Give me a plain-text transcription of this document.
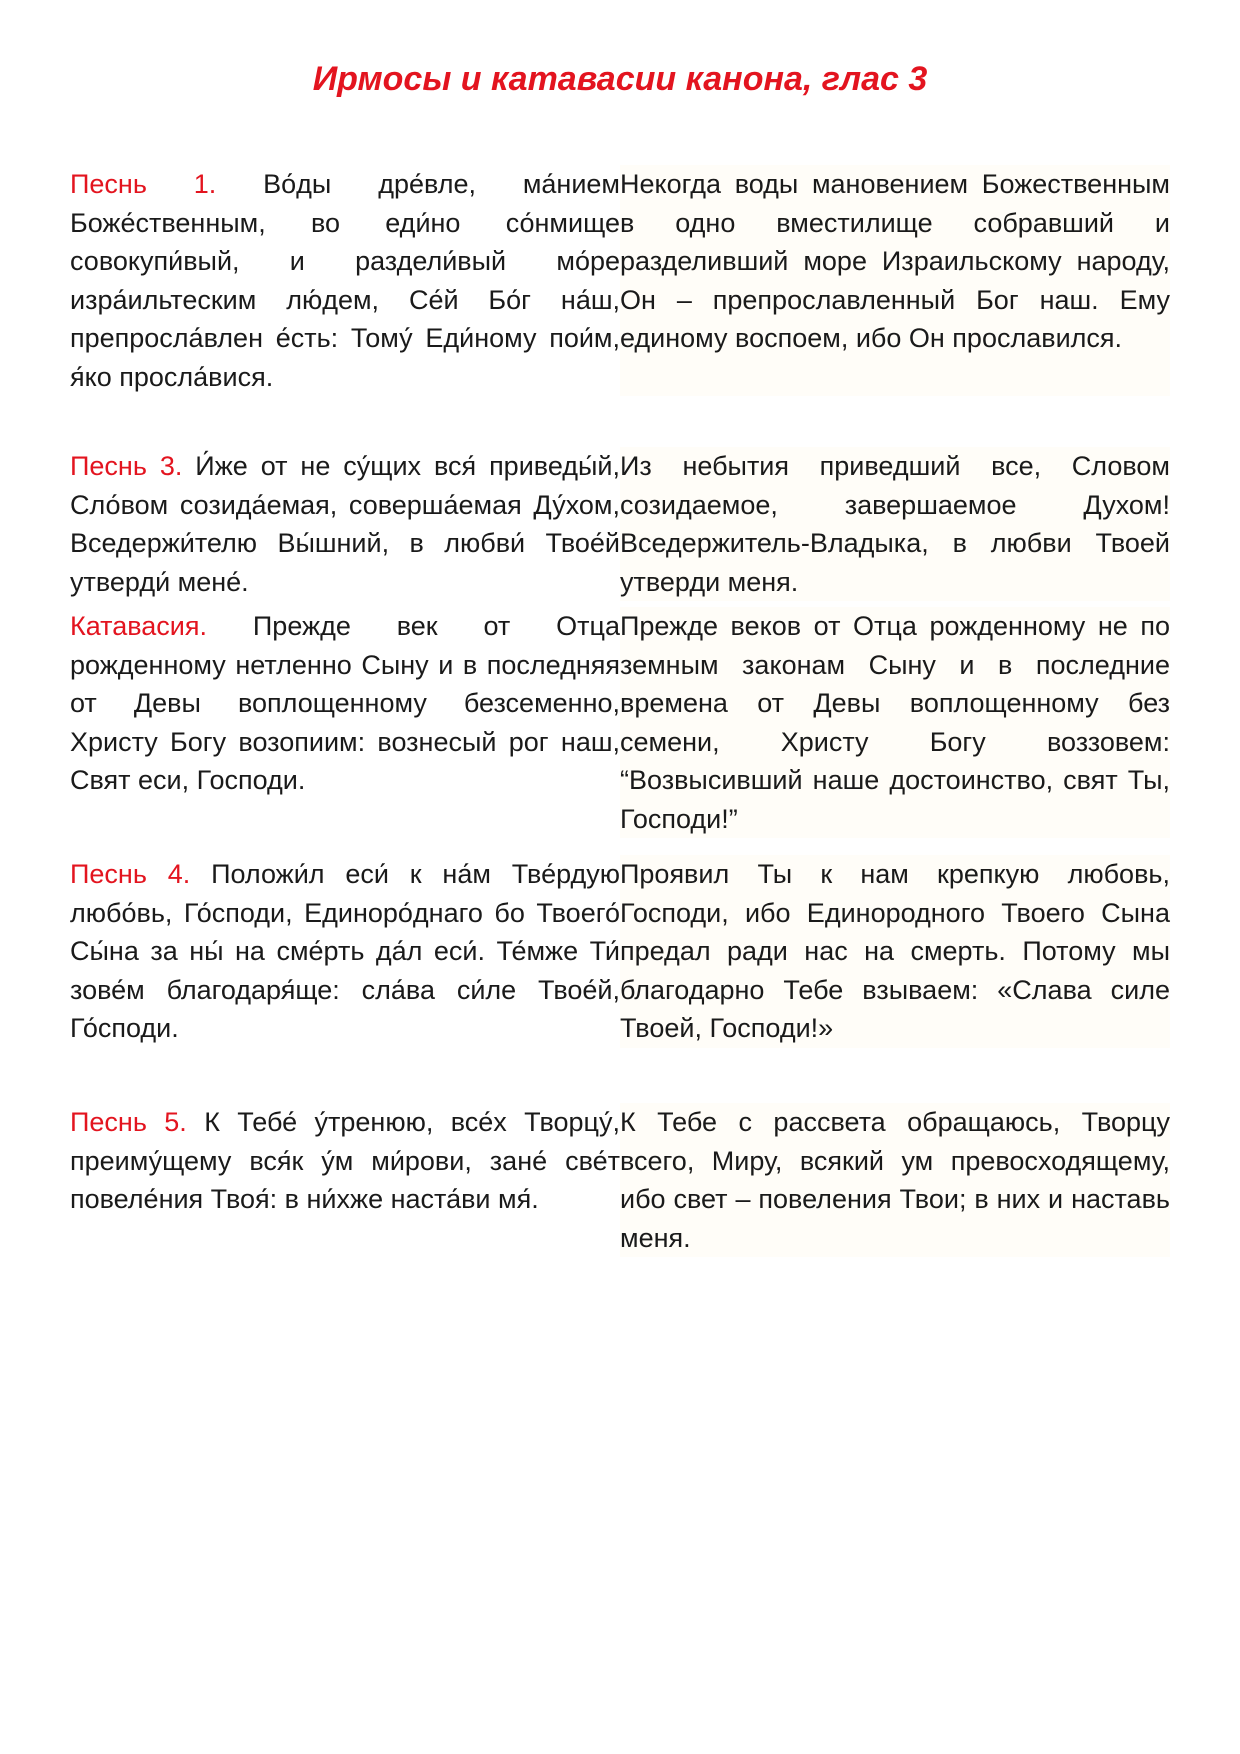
Ирмосы и катавасии канона, глас 3

Песнь 1. Во́ды дре́вле, ма́нием Боже́ственным, во еди́но со́нмище совокупи́вый, и раздели́вый мо́ре изра́ильтеским лю́дем, Се́й Бо́г на́ш, препросла́влен е́сть: Тому́ Еди́ному пои́м, я́ко просла́вися.

Некогда воды мановением Божественным в одно вместилище собравший и разделивший море Израильскому народу, Он – препрославленный Бог наш. Ему единому воспоем, ибо Он прославился.

Песнь 3. И́же от не су́щих вся́ приведы́й, Сло́вом созида́емая, соверша́емая Ду́хом, Вседержи́телю Вы́шний, в любви́ Твое́й утверди́ мене́.

Из небытия приведший все, Словом созидаемое, завершаемое Духом! Вседержитель-Владыка, в любви Твоей утверди меня.

Катавасия. Прежде век от Отца рожденному нетленно Сыну и в последняя от Девы воплощенному безсеменно, Христу Богу возопиим: вознесый рог наш, Свят еси, Господи.

Прежде веков от Отца рожденному не по земным законам Сыну и в последние времена от Девы воплощенному без семени, Христу Богу воззовем: “Возвысивший наше достоинство, свят Ты, Господи!”

Песнь 4. Положи́л еси́ к на́м Тве́рдую любо́вь, Го́споди, Единоро́днаго бо Твоего́ Сы́на за ны́ на сме́рть да́л еси́. Те́мже Ти́ зове́м благодаря́ще: сла́ва си́ле Твое́й, Го́споди.

Проявил Ты к нам крепкую любовь, Господи, ибо Единородного Твоего Сына предал ради нас на смерть. Потому мы благодарно Тебе взываем: «Слава силе Твоей, Господи!»

Песнь 5. К Тебе́ у́тренюю, все́х Творцу́, преиму́щему вся́к у́м ми́рови, зане́ све́т повеле́ния Твоя́: в ни́хже наста́ви мя́.

К Тебе с рассвета обращаюсь, Творцу всего, Миру, всякий ум превосходящему, ибо свет – повеления Твои; в них и наставь меня.
